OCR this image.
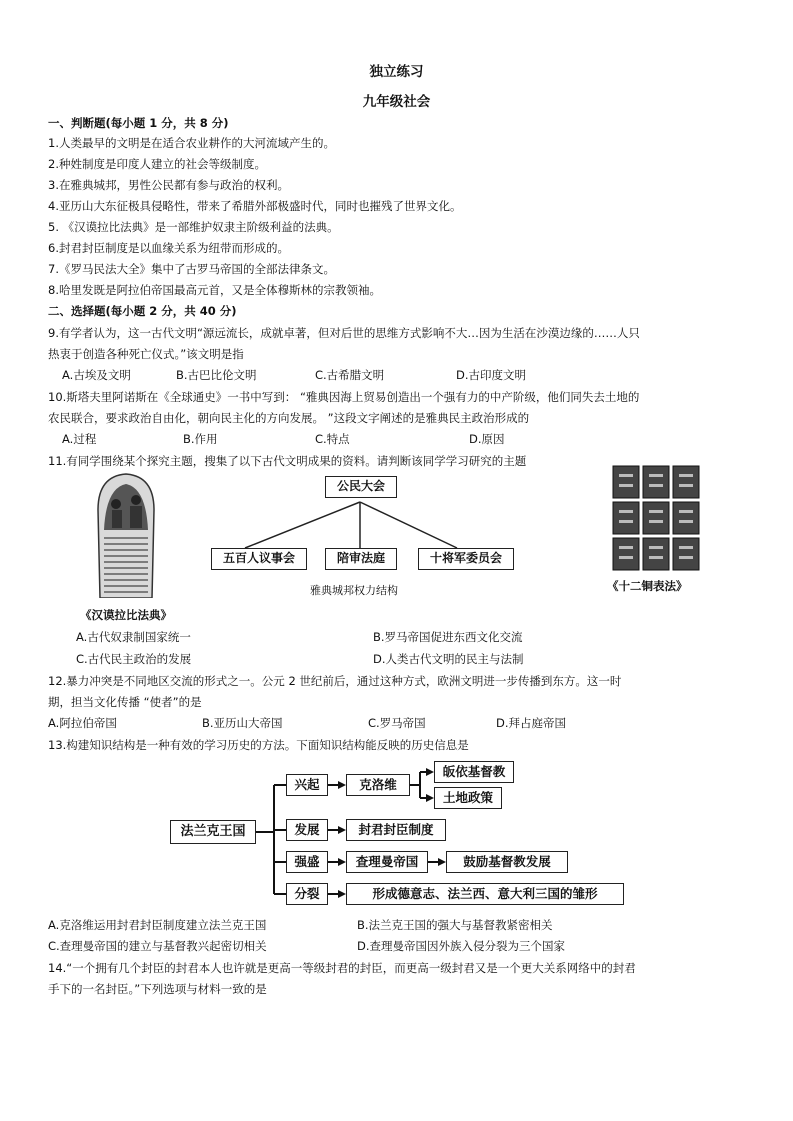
独立练习
九年级社会
一、判断题(每小题 1 分，共 8 分)
1.人类最早的文明是在适合农业耕作的大河流域产生的。
2.种姓制度是印度人建立的社会等级制度。
3.在雅典城邦，男性公民都有参与政治的权利。
4.亚历山大东征极具侵略性，带来了希腊外部极盛时代，同时也摧残了世界文化。
5. 《汉谟拉比法典》是一部维护奴隶主阶级利益的法典。
6.封君封臣制度是以血缘关系为纽带而形成的。
7.《罗马民法大全》集中了古罗马帝国的全部法律条文。
8.哈里发既是阿拉伯帝国最高元首，又是全体穆斯林的宗教领袖。
二、选择题(每小题 2 分，共 40 分)
9.有学者认为，这一古代文明“源远流长，成就卓著，但对后世的思维方式影响不大…因为生活在沙漠边缘的……人只
热衷于创造各种死亡仪式。”该文明是指
A.古埃及文明	B.古巴比伦文明	C.古希腊文明	D.古印度文明
10.斯塔夫里阿诺斯在《全球通史》一书中写到： “雅典因海上贸易创造出一个强有力的中产阶级，他们同失去土地的
农民联合，要求政治自由化，朝向民主化的方向发展。 ”这段文字阐述的是雅典民主政治形成的
A.过程	B.作用	C.特点	D.原因
11.有同学围绕某个探究主题，搜集了以下古代文明成果的资料。请判断该同学学习研究的主题
《汉谟拉比法典》
公民大会
五百人议事会	陪审法庭	十将军委员会
雅典城邦权力结构	《十二铜表法》
A.古代奴隶制国家统一	B.罗马帝国促进东西文化交流
C.古代民主政治的发展	D.人类古代文明的民主与法制
12.暴力冲突是不同地区交流的形式之一。公元 2 世纪前后，通过这种方式，欧洲文明进一步传播到东方。这一时
期，担当文化传播 “使者”的是
A.阿拉伯帝国	B.亚历山大帝国	C.罗马帝国	D.拜占庭帝国
13.构建知识结构是一种有效的学习历史的方法。下面知识结构能反映的历史信息是
法兰克王国
兴起
发展
强盛
分裂
克洛维
皈依基督教
土地政策
封君封臣制度
查理曼帝国	鼓励基督教发展
形成德意志、法兰西、意大利三国的雏形
A.克洛维运用封君封臣制度建立法兰克王国	B.法兰克王国的强大与基督教紧密相关
C.查理曼帝国的建立与基督教兴起密切相关	D.查理曼帝国因外族入侵分裂为三个国家
14.“一个拥有几个封臣的封君本人也许就是更高一等级封君的封臣，而更高一级封君又是一个更大关系网络中的封君
手下的一名封臣。”下列选项与材料一致的是
